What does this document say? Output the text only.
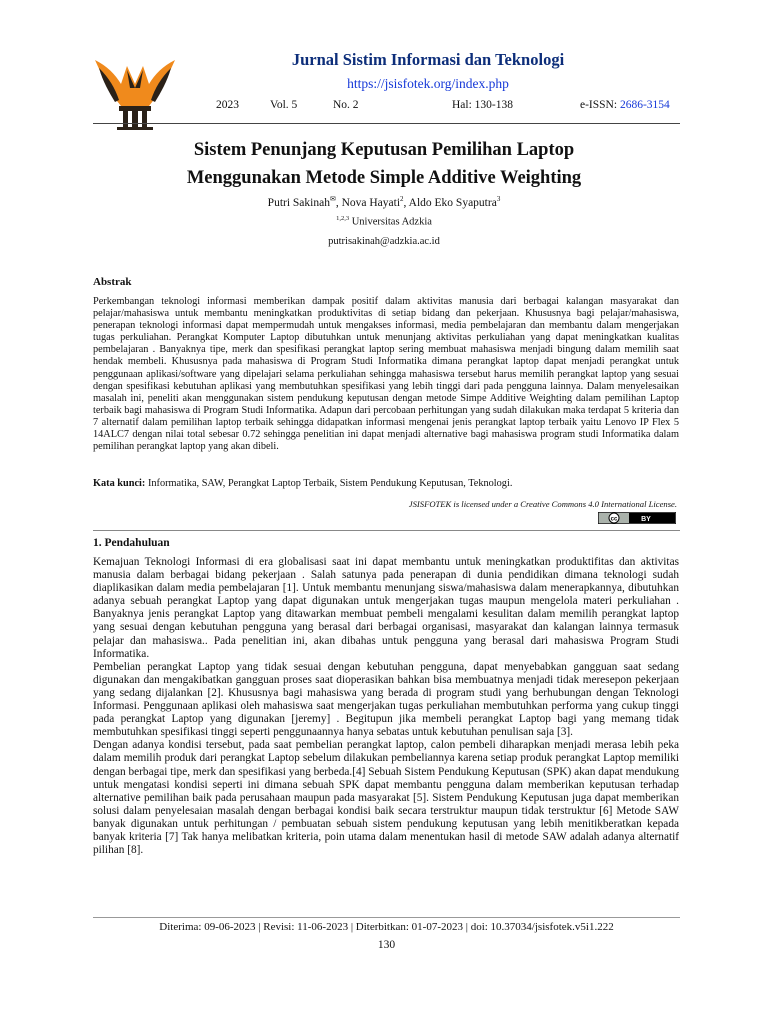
Jurnal Sistim Informasi dan Teknologi
https://jsisfotek.org/index.php
2023	Vol. 5	No. 2	Hal: 130-138	e-ISSN: 2686-3154
Sistem Penunjang Keputusan Pemilihan Laptop
Menggunakan Metode Simple Additive Weighting
Putri Sakinah✉, Nova Hayati$^2$, Aldo Eko Syaputra$^3$
$^{1,2,3}$ Universitas Adzkia
putrisakinah@adzkia.ac.id
Abstrak
Perkembangan teknologi informasi memberikan dampak positif dalam aktivitas manusia dari berbagai kalangan masyarakat dan pelajar/mahasiswa untuk membantu meningkatkan produktivitas di setiap bidang dan pekerjaan. Khususnya bagi pelajar/mahasiswa, penerapan teknologi informasi dapat mempermudah untuk mengakses informasi, media pembelajaran dan membantu dalam mengerjakan tugas perkuliahan. Perangkat Komputer Laptop dibutuhkan untuk menunjang aktivitas perkuliahan yang dapat meningkatkan kualitas pembelajaran . Banyaknya tipe, merk dan spesifikasi perangkat laptop sering membuat mahasiswa menjadi bingung dalam memilih saat hendak membeli. Khususnya pada mahasiswa di Program Studi Informatika dimana perangkat laptop dapat menjadi perangkat untuk penggunaan aplikasi/software yang dipelajari selama perkuliahan sehingga mahasiswa tersebut harus memilih perangkat laptop yang sesuai dengan spesifikasi kebutuhan aplikasi yang membutuhkan spesifikasi yang lebih tinggi dari pada pengguna lainnya. Dalam menyelesaikan masalah ini, peneliti akan menggunakan sistem pendukung keputusan dengan metode Simpe Additive Weighting dalam pemilihan Laptop terbaik bagi mahasiswa di Program Studi Informatika. Adapun dari percobaan perhitungan yang sudah dilakukan maka terdapat 5 kriteria dan 7 alternatif dalam pemilihan laptop terbaik sehingga didapatkan informasi mengenai jenis perangkat laptop terbaik yaitu Lenovo IP Flex 5 14ALC7 dengan nilai total sebesar 0.72 sehingga penelitian ini dapat menjadi alternative bagi mahasiswa program studi Informatika dalam pemilihan perangkat laptop yang akan dibeli.
Kata kunci: Informatika, SAW, Perangkat Laptop Terbaik, Sistem Pendukung Keputusan, Teknologi.
JSISFOTEK is licensed under a Creative Commons 4.0 International License.
cc	BY
1. Pendahuluan

Kemajuan Teknologi Informasi di era globalisasi saat ini dapat membantu untuk meningkatkan produktifitas dan aktivitas manusia dalam berbagai bidang pekerjaan . Salah satunya pada penerapan di dunia pendidikan dimana teknologi sudah diaplikasikan dalam media pembelajaran [1]. Untuk membantu menunjang siswa/mahasiswa dalam menerapkannya, dibutuhkan adanya sebuah perangkat Laptop yang dapat digunakan untuk mengerjakan tugas maupun mengelola materi perkuliahan . Banyaknya jenis perangkat Laptop yang ditawarkan membuat pembeli mengalami kesulitan dalam memilih perangkat laptop yang sesuai dengan kebutuhan pengguna yang berasal dari berbagai organisasi, masyarakat dan kalangan lainnya termasuk pelajar dan mahasiswa.. Pada penelitian ini, akan dibahas untuk pengguna yang berasal dari mahasiswa Program Studi Informatika.

Pembelian perangkat Laptop yang tidak sesuai dengan kebutuhan pengguna, dapat menyebabkan gangguan saat sedang digunakan dan mengakibatkan gangguan proses saat dioperasikan bahkan bisa membuatnya menjadi tidak meresepon pekerjaan yang sedang dijalankan [2]. Khususnya bagi mahasiswa yang berada di program studi yang berhubungan dengan Teknologi Informasi. Penggunaan aplikasi oleh mahasiswa saat mengerjakan tugas perkuliahan membutuhkan performa yang cukup tinggi pada perangkat Laptop yang digunakan [jeremy] . Begitupun jika membeli perangkat Laptop bagi yang memang tidak membutuhkan spesifikasi tinggi seperti penggunaannya hanya sebatas untuk kebutuhan penulisan saja [3].

Dengan adanya kondisi tersebut, pada saat pembelian perangkat laptop, calon pembeli diharapkan menjadi merasa lebih peka dalam memilih produk dari perangkat Laptop sebelum dilakukan pembeliannya karena setiap produk perangkat Laptop memiliki dengan berbagai tipe, merk dan spesifikasi yang berbeda.[4] Sebuah Sistem Pendukung Keputusan (SPK) akan dapat mendukung untuk mengatasi kondisi seperti ini dimana sebuah SPK dapat membantu pengguna dalam memberikan keputusan terhadap alternative pemilihan baik pada perusahaan maupun pada masyarakat [5]. Sistem Pendukung Keputusan juga dapat memberikan solusi dalam penyelesaian masalah dengan berbagai kondisi baik secara terstruktur maupun tidak terstruktur [6] Metode SAW banyak digunakan untuk perhitungan / pembuatan sebuah sistem pendukung keputusan yang lebih menitikberatkan kepada banyak kriteria [7] Tak hanya melibatkan kriteria, poin utama dalam menentukan hasil di metode SAW adalah adanya alternatif pilihan [8].

Diterima: 09-06-2023 | Revisi: 11-06-2023 | Diterbitkan: 01-07-2023 | doi: 10.37034/jsisfotek.v5i1.222
130
